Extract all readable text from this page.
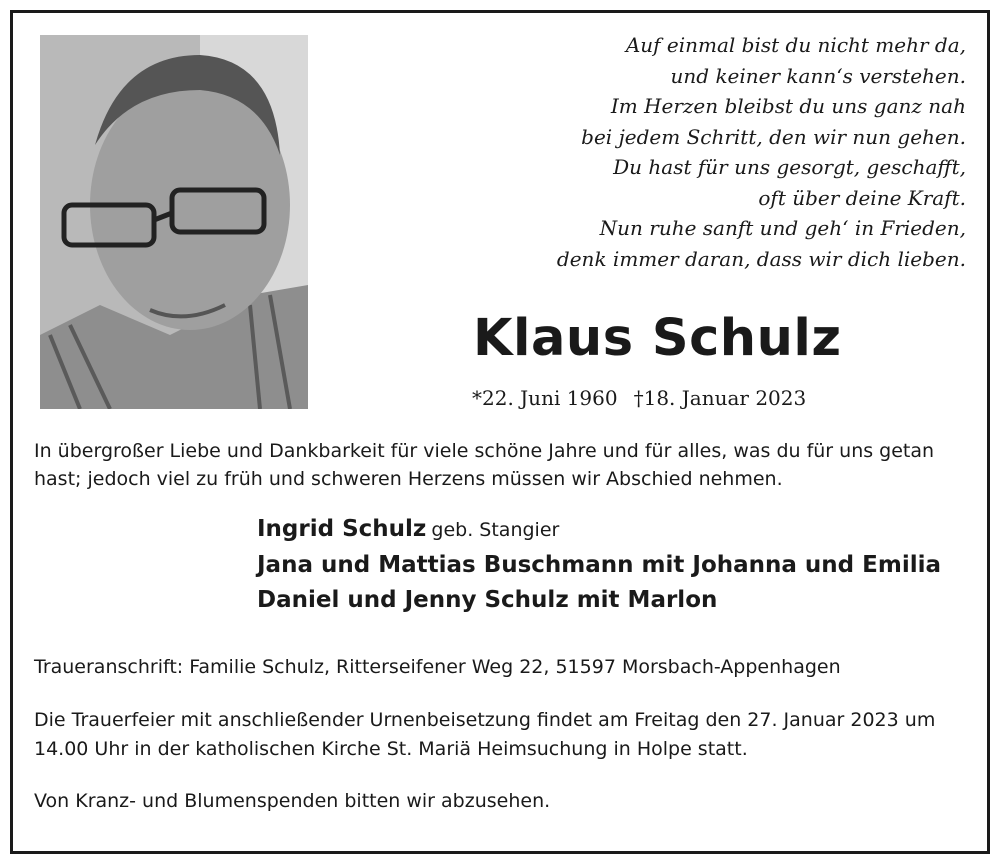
Auf einmal bist du nicht mehr da,
und keiner kann‘s verstehen.
Im Herzen bleibst du uns ganz nah
bei jedem Schritt, den wir nun gehen.
Du hast für uns gesorgt, geschafft,
oft über deine Kraft.
Nun ruhe sanft und geh‘ in Frieden,
denk immer daran, dass wir dich lieben.
Klaus Schulz
*22. Juni 1960 †18. Januar 2023

In übergroßer Liebe und Dankbarkeit für viele schöne Jahre und für alles, was du für uns getan hast; jedoch viel zu früh und schweren Herzens müssen wir Abschied nehmen.

Ingrid Schulz geb. Stangier
Jana und Mattias Buschmann mit Johanna und Emilia
Daniel und Jenny Schulz mit Marlon
Traueranschrift: Familie Schulz, Ritterseifener Weg 22, 51597 Morsbach-Appenhagen

Die Trauerfeier mit anschließender Urnenbeisetzung findet am Freitag den 27. Januar 2023 um 14.00 Uhr in der katholischen Kirche St. Mariä Heimsuchung in Holpe statt.

Von Kranz- und Blumenspenden bitten wir abzusehen.
